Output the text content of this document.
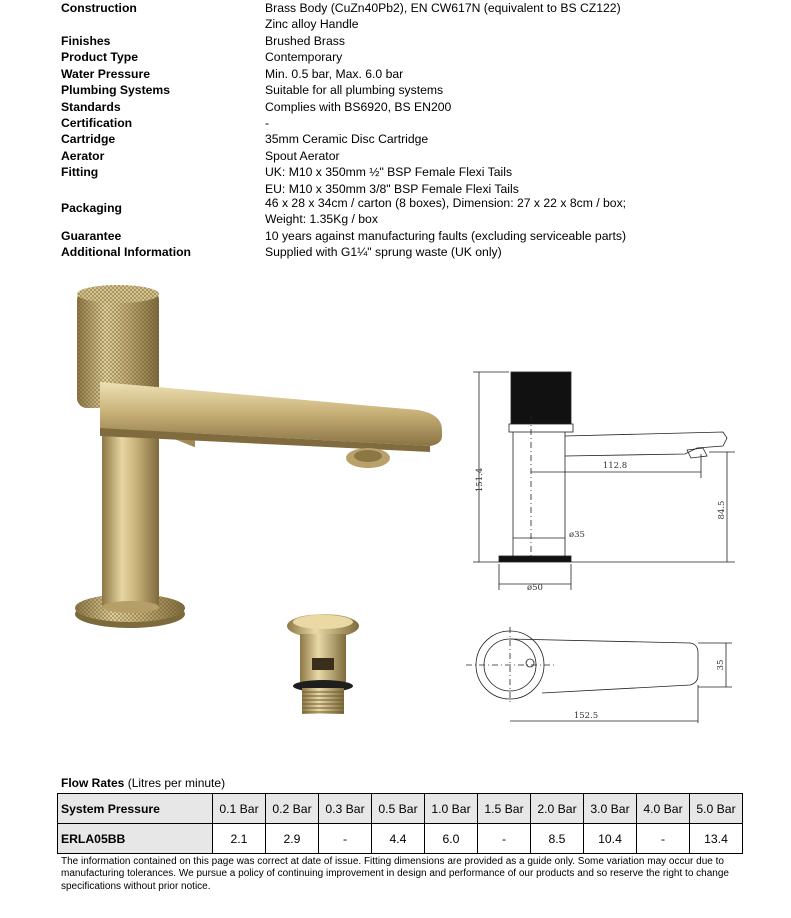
Construction	Brass Body (CuZn40Pb2), EN CW617N (equivalent to BS CZ122)
Zinc alloy Handle
Finishes	Brushed Brass
Product Type	Contemporary
Water Pressure	Min. 0.5 bar, Max. 6.0 bar
Plumbing Systems	Suitable for all plumbing systems
Standards	Complies with BS6920, BS EN200
Certification	-
Cartridge	35mm Ceramic Disc Cartridge
Aerator	Spout Aerator
Fitting	UK: M10 x 350mm ½" BSP Female Flexi Tails
EU: M10 x 350mm 3/8" BSP Female Flexi Tails
Packaging	46 x 28 x 34cm / carton (8 boxes), Dimension: 27 x 22 x 8cm / box;
Weight: 1.35Kg / box
Guarantee	10 years against manufacturing faults (excluding serviceable parts)
Additional Information	Supplied with G1¼" sprung waste (UK only)
151.4
112.8
84.5
ø35
ø50
152.5
35
Flow Rates (Litres per minute)
System Pressure	0.1 Bar	0.2 Bar	0.3 Bar	0.5 Bar	1.0 Bar	1.5 Bar	2.0 Bar	3.0 Bar	4.0 Bar	5.0 Bar
ERLA05BB	2.1	2.9	-	4.4	6.0	-	8.5	10.4	-	13.4
The information contained on this page was correct at date of issue. Fitting dimensions are provided as a guide only. Some variation may occur due to manufacturing tolerances. We pursue a policy of continuing improvement in design and performance of our products and so reserve the right to change specifications without prior notice.
